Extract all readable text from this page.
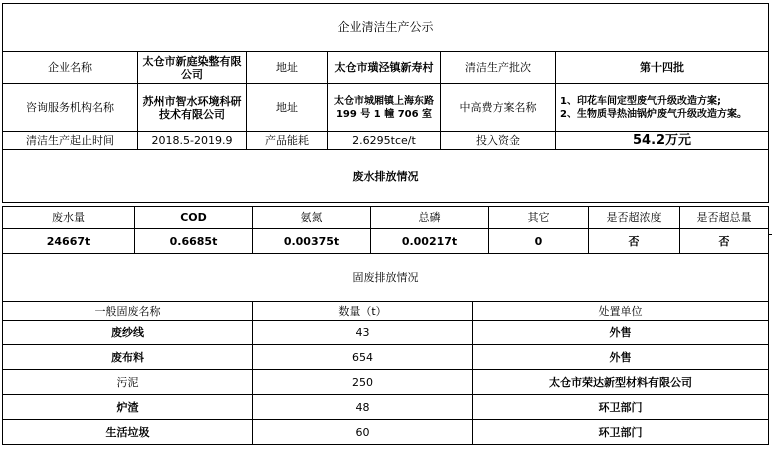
企业清洁生产公示					
企业名称	太仓市新庭染整有限公司	地址	太仓市璜泾镇新寿村	清洁生产批次	第十四批
咨询服务机构名称	苏州市智水环境科研技术有限公司	地址	太仓市城厢镇上海东路 199 号 1 幢 706 室	中高费方案名称	1、印花车间定型废气升级改造方案;
2、生物质导热油锅炉废气升级改造方案。

清洁生产起止时间	2018.5-2019.9	产品能耗	2.6295tce/t	投入资金	54.2万元
废水排放情况					
废水量	COD	氨氮	总磷	其它	是否超浓度	是否超总量
24667t	0.6685t	0.00375t	0.00217t	0	否	否
固废排放情况						
一般固废名称	数量（t）	处置单位
废纱线	43	外售
废布料	654	外售
污泥	250	太仓市荣达新型材料有限公司
炉渣	48	环卫部门
生活垃圾	60	环卫部门
